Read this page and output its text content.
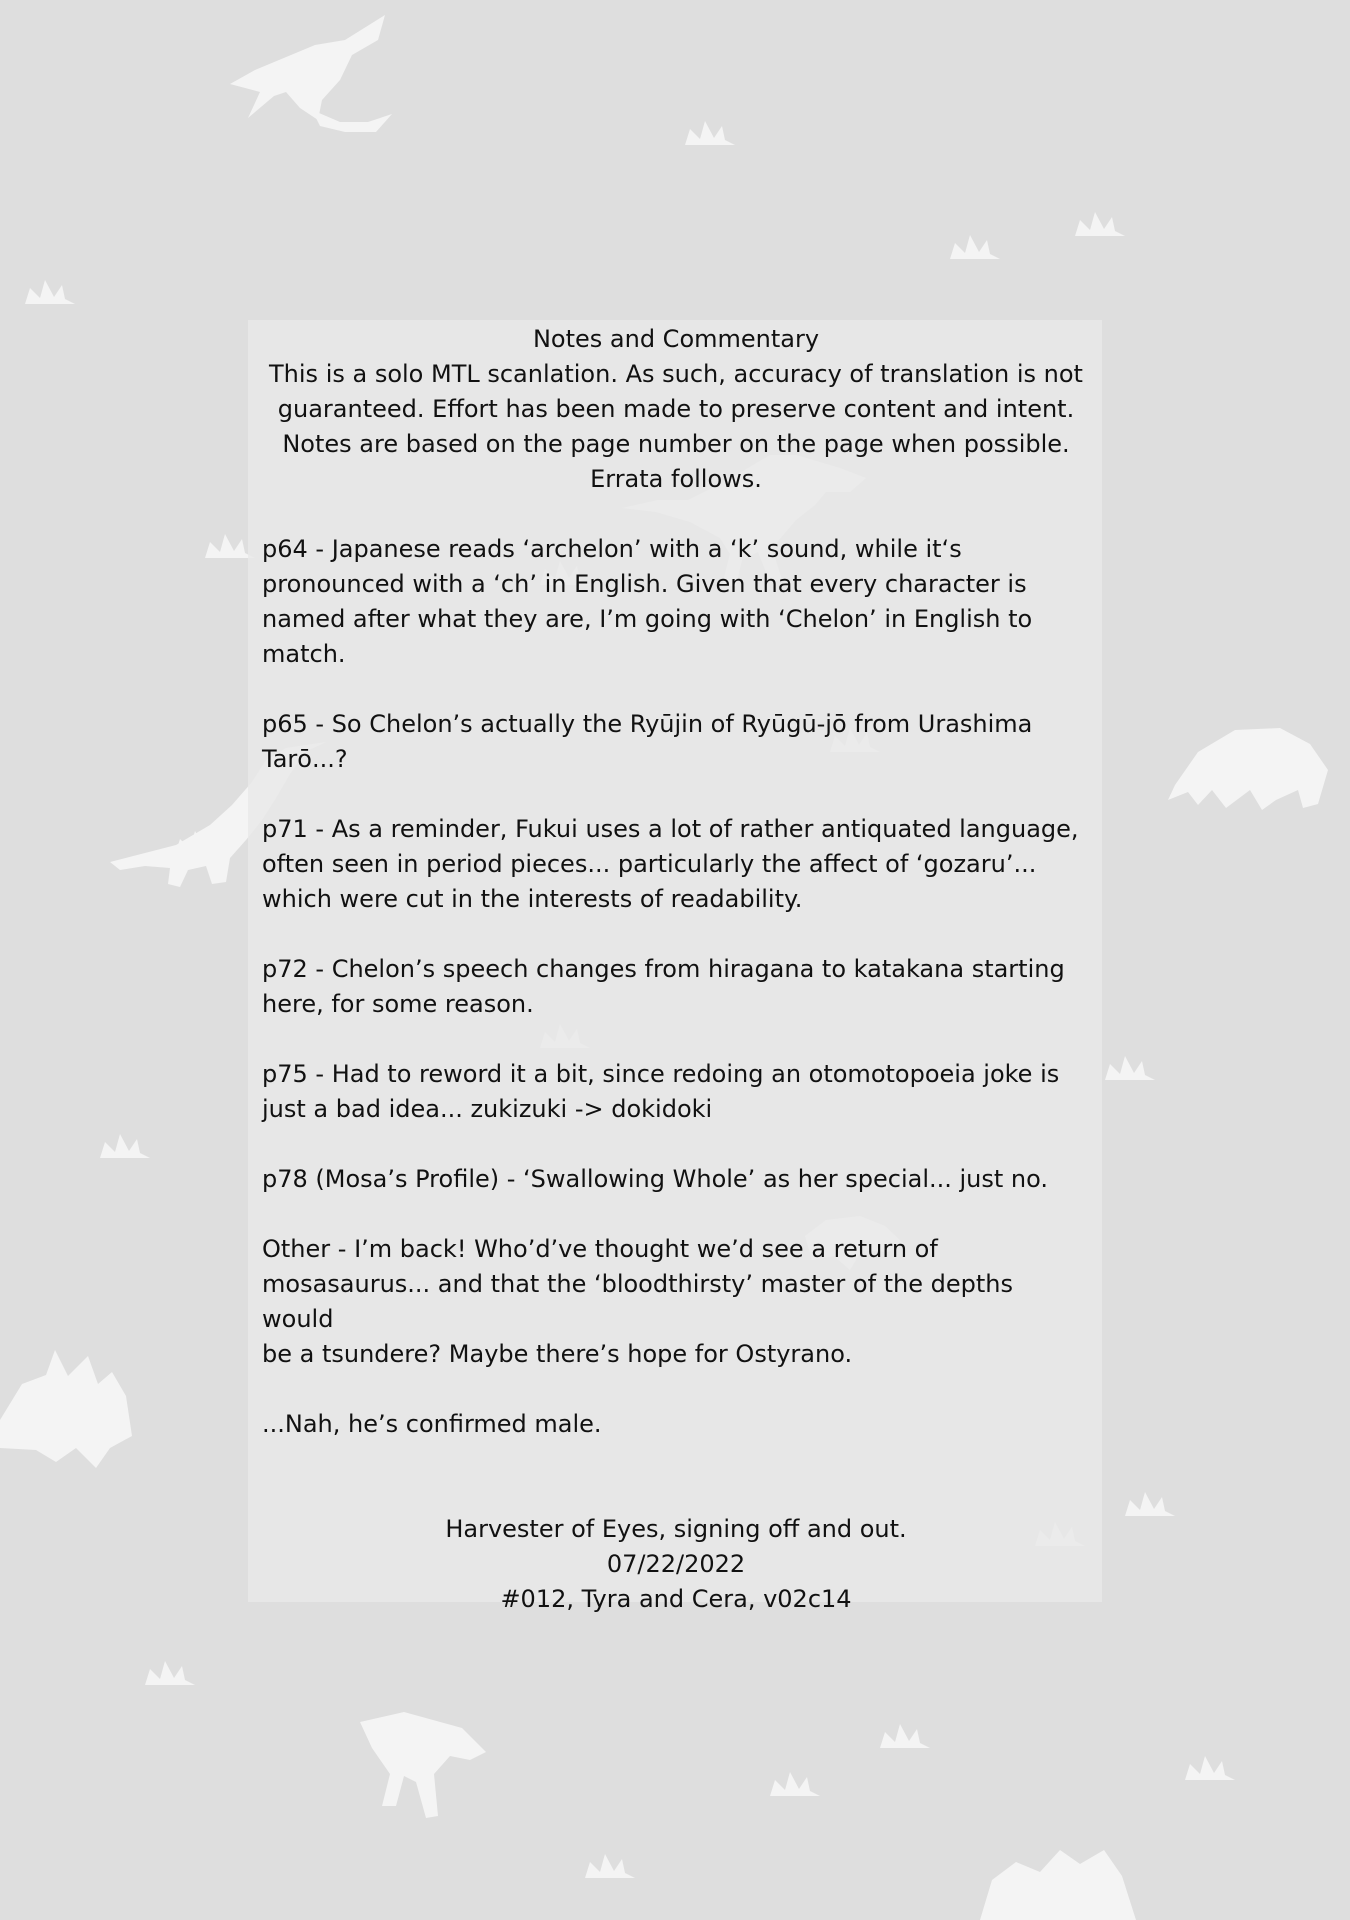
Notes and Commentary
This is a solo MTL scanlation. As such, accuracy of translation is not
guaranteed. Effort has been made to preserve content and intent.
Notes are based on the page number on the page when possible.
Errata follows.
p64 - Japanese reads ‘archelon’ with a ‘k’ sound, while it‘s
pronounced with a ‘ch’ in English. Given that every character is
named after what they are, I’m going with ‘Chelon’ in English to
match.
p65 - So Chelon’s actually the Ryūjin of Ryūgū-jō from Urashima
Tarō...?
p71 - As a reminder, Fukui uses a lot of rather antiquated language,
often seen in period pieces... particularly the affect of ‘gozaru’...
which were cut in the interests of readability.
p72 - Chelon’s speech changes from hiragana to katakana starting
here, for some reason.
p75 - Had to reword it a bit, since redoing an otomotopoeia joke is
just a bad idea... zukizuki -> dokidoki
p78 (Mosa’s Profile) - ‘Swallowing Whole’ as her special... just no.
Other - I’m back! Who’d’ve thought we’d see a return of
mosasaurus... and that the ‘bloodthirsty’ master of the depths would
be a tsundere? Maybe there’s hope for Ostyrano.
...Nah, he’s confirmed male.
Harvester of Eyes, signing off and out.
07/22/2022
#012, Tyra and Cera, v02c14
